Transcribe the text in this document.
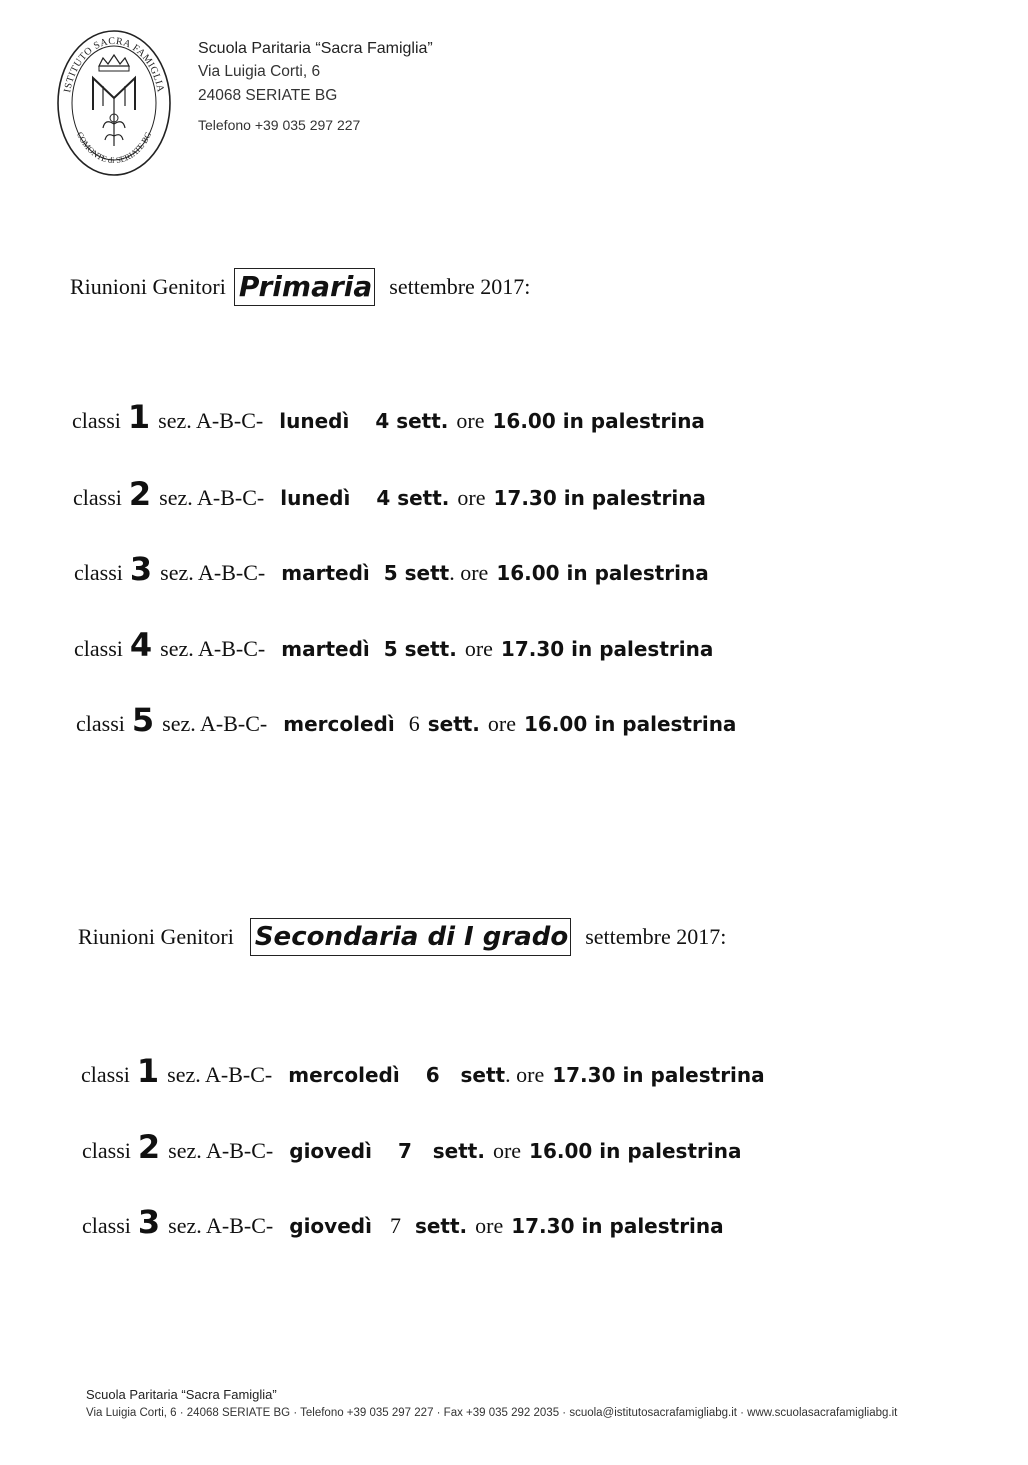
ISTITUTO SACRA FAMIGLIA
COMONTE di SERIATE BG
Scuola Paritaria “Sacra Famiglia”
Via Luigia Corti, 6
24068 SERIATE BG
Telefono +39 035 297 227
Riunioni Genitori Primaria settembre 2017:
classi 1 sez. A-B-C- lunedì 4 sett. ore 16.00 in palestrina
classi 2 sez. A-B-C- lunedì 4 sett. ore 17.30 in palestrina
classi 3 sez. A-B-C- martedì 5 sett . ore 16.00 in palestrina
classi 4 sez. A-B-C- martedì 5 sett. ore 17.30 in palestrina
classi 5 sez. A-B-C- mercoledì 6 sett. ore 16.00 in palestrina
Riunioni Genitori Secondaria di I grado settembre 2017:
classi 1 sez. A-B-C- mercoledì 6   sett . ore 17.30 in palestrina
classi 2 sez. A-B-C- giovedì 7   sett. ore 16.00 in palestrina
classi 3 sez. A-B-C- giovedì 7 sett. ore 17.30 in palestrina
Scuola Paritaria “Sacra Famiglia”
Via Luigia Corti, 6 · 24068 SERIATE BG · Telefono +39 035 297 227 · Fax +39 035 292 2035 · scuola@istitutosacrafamigliabg.it · www.scuolasacrafamigliabg.it
